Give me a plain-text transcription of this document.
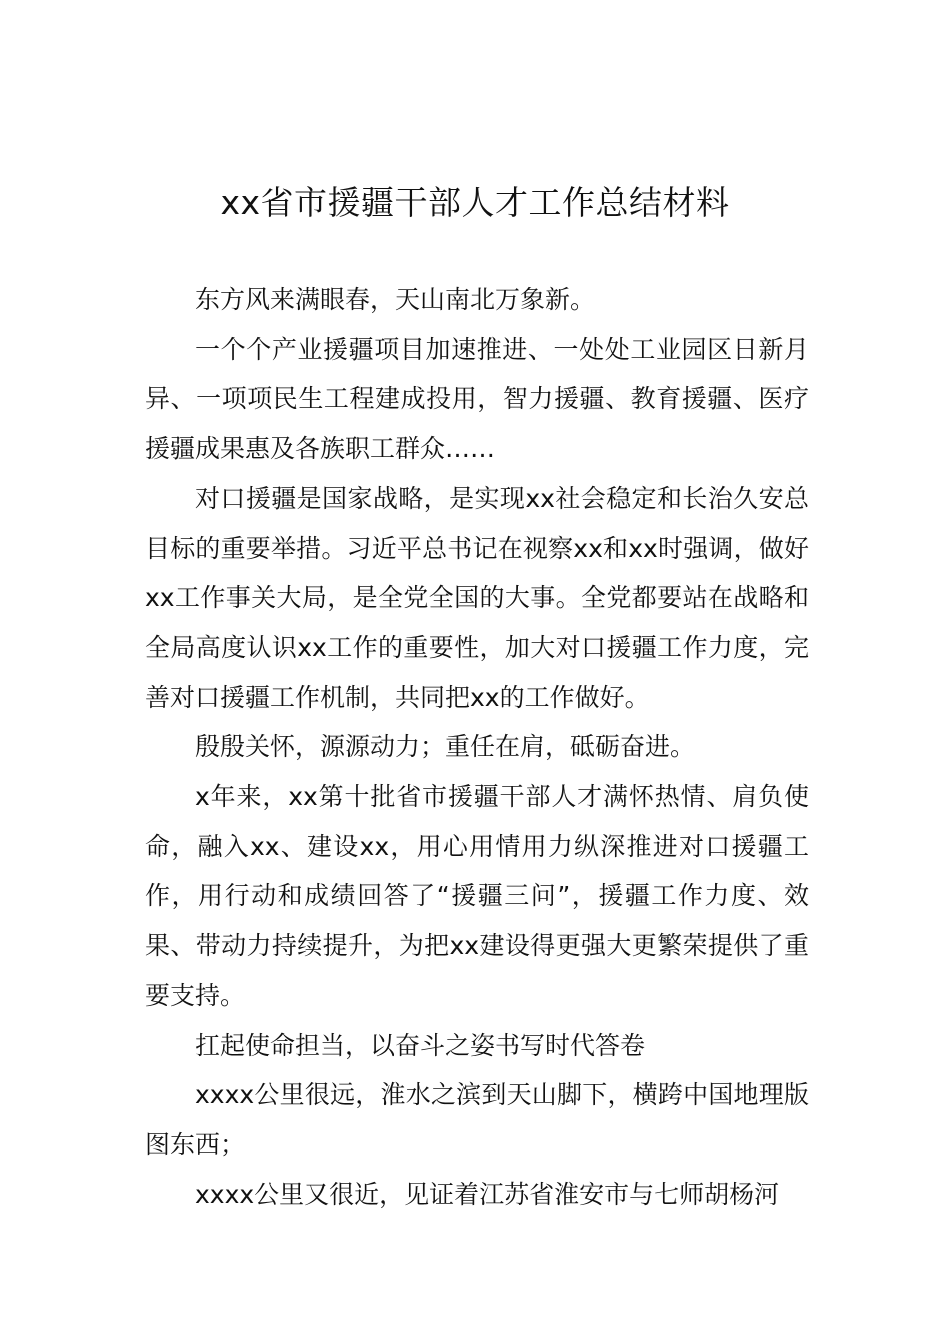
xx省市援疆干部人才工作总结材料

东方风来满眼春，天山南北万象新。

一个个产业援疆项目加速推进、一处处工业园区日新月异、一项项民生工程建成投用，智力援疆、教育援疆、医疗援疆成果惠及各族职工群众……

对口援疆是国家战略，是实现xx社会稳定和长治久安总目标的重要举措。习近平总书记在视察xx和xx时强调，做好xx工作事关大局，是全党全国的大事。全党都要站在战略和全局高度认识xx工作的重要性，加大对口援疆工作力度，完善对口援疆工作机制，共同把xx的工作做好。

殷殷关怀，源源动力；重任在肩，砥砺奋进。

x年来，xx第十批省市援疆干部人才满怀热情、肩负使命，融入xx、建设xx，用心用情用力纵深推进对口援疆工作，用行动和成绩回答了“援疆三问”，援疆工作力度、效果、带动力持续提升，为把xx建设得更强大更繁荣提供了重要支持。

扛起使命担当，以奋斗之姿书写时代答卷

xxxx公里很远，淮水之滨到天山脚下，横跨中国地理版图东西；

xxxx公里又很近，见证着江苏省淮安市与七师胡杨河
